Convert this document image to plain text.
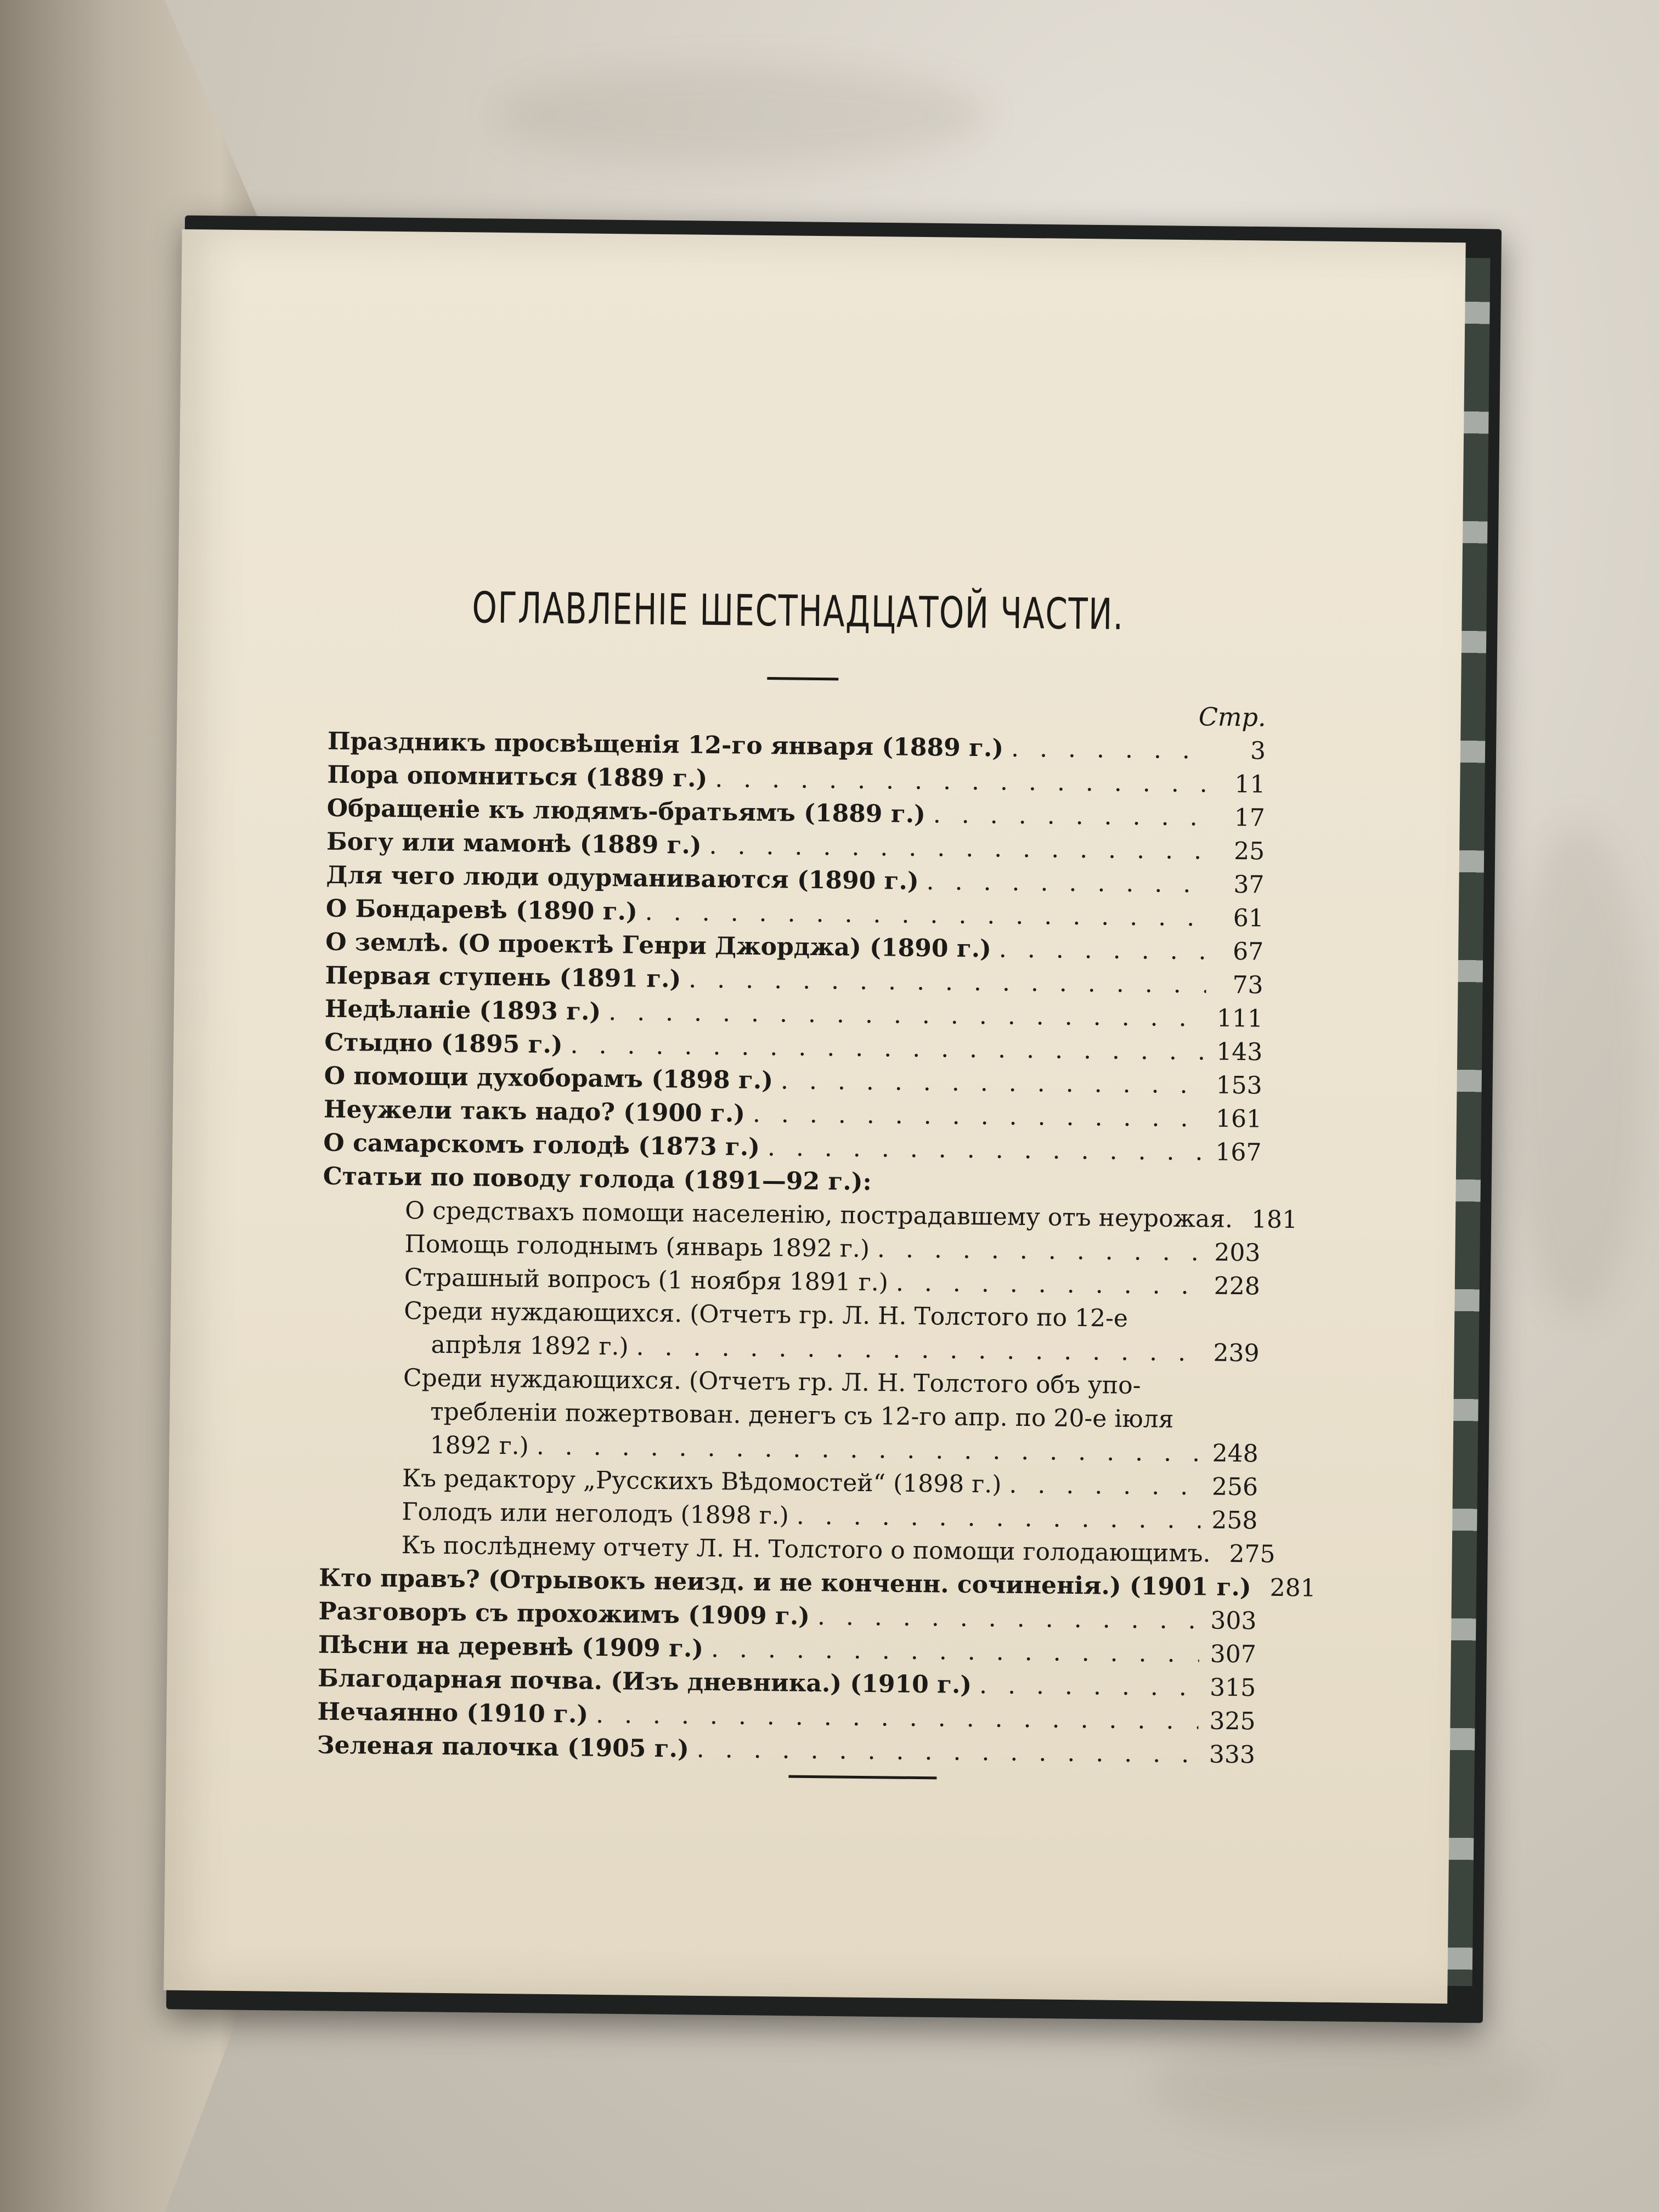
ОГЛАВЛЕНІЕ ШЕСТНАДЦАТОЙ ЧАСТИ.
Стр.
Праздникъ просвѣщенія 12-го января (1889 г.) . . .	3
Пора опомниться (1889 г.) . . .	11
Обращеніе къ людямъ-братьямъ (1889 г.) . . .	17
Богу или мамонѣ (1889 г.) . . .	25
Для чего люди одурманиваются (1890 г.) . . .	37
О Бондаревѣ (1890 г.) . . .	61
О землѣ. (О проектѣ Генри Джорджа) (1890 г.) . . .	67
Первая ступень (1891 г.) . . .	73
Недѣланіе (1893 г.) . . .	111
Стыдно (1895 г.) . . .	143
О помощи духоборамъ (1898 г.) . . .	153
Неужели такъ надо? (1900 г.) . . .	161
О самарскомъ голодѣ (1873 г.) . . .	167
Статьи по поводу голода (1891—92 г.):
О средствахъ помощи населенію, пострадавшему отъ неурожая. . . . 181
Помощь голоднымъ (январь 1892 г.) . . .	203
Страшный вопросъ (1 ноября 1891 г.) . . .	228
Среди нуждающихся. (Отчетъ гр. Л. Н. Толстого по 12-е
апрѣля 1892 г.) . . .	239
Среди нуждающихся. (Отчетъ гр. Л. Н. Толстого объ упо-
требленіи пожертвован. денегъ съ 12-го апр. по 20-е іюля
1892 г.) . . .	248
Къ редактору „Русскихъ Вѣдомостей“ (1898 г.) . . .	256
Голодъ или неголодъ (1898 г.) . . .	258
Къ послѣднему отчету Л. Н. Толстого о помощи голодающимъ. . . . 275
Кто правъ? (Отрывокъ неизд. и не конченн. сочиненія.) (1901 г.) . . . 281
Разговоръ съ прохожимъ (1909 г.) . . .	303
Пѣсни на деревнѣ (1909 г.) . . .	307
Благодарная почва. (Изъ дневника.) (1910 г.) . . .	315
Нечаянно (1910 г.) . . .	325
Зеленая палочка (1905 г.) . . .	333
